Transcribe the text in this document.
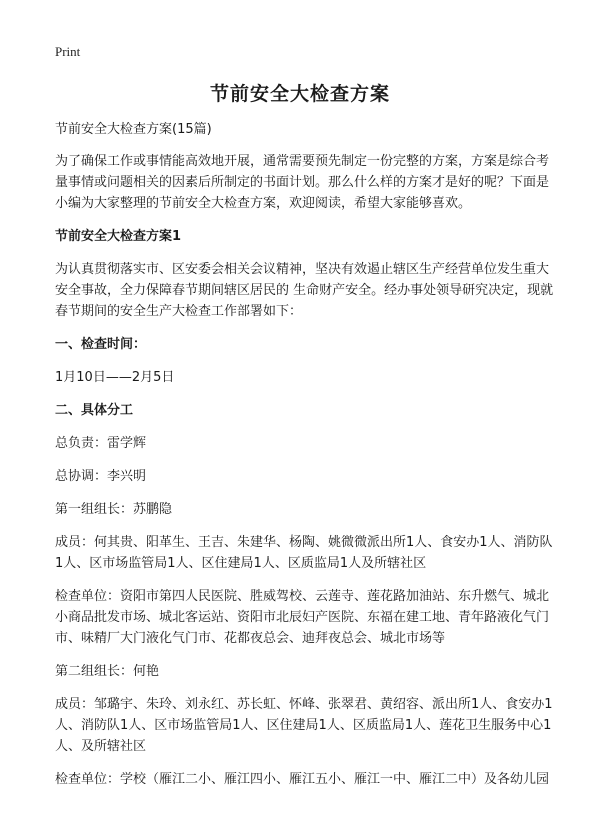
Print
节前安全大检查方案

节前安全大检查方案(15篇)

为了确保工作或事情能高效地开展，通常需要预先制定一份完整的方案，方案是综合考量事情或问题相关的因素后所制定的书面计划。那么什么样的方案才是好的呢？下面是小编为大家整理的节前安全大检查方案，欢迎阅读，希望大家能够喜欢。

节前安全大检查方案1

为认真贯彻落实市、区安委会相关会议精神，坚决有效遏止辖区生产经营单位发生重大安全事故，全力保障春节期间辖区居民的 生命财产安全。经办事处领导研究决定，现就春节期间的安全生产大检查工作部署如下：

一、检查时间：

1月10日——2月5日

二、具体分工

总负责：雷学辉

总协调：李兴明

第一组组长：苏鹏隐

成员：何其贵、阳革生、王吉、朱建华、杨陶、姚微微派出所1人、食安办1人、消防队1人、区市场监管局1人、区住建局1人、区质监局1人及所辖社区

检查单位：资阳市第四人民医院、胜威驾校、云莲寺、莲花路加油站、东升燃气、城北小商品批发市场、城北客运站、资阳市北辰妇产医院、东福在建工地、青年路液化气门市、味精厂大门液化气门市、花都夜总会、迪拜夜总会、城北市场等

第二组组长：何艳

成员：邹璐宇、朱玲、刘永红、苏长虹、怀峰、张翠君、黄绍容、派出所1人、食安办1人、消防队1人、区市场监管局1人、区住建局1人、区质监局1人、莲花卫生服务中心1人、及所辖社区

检查单位：学校（雁江二小、雁江四小、雁江五小、雁江一中、雁江二中）及各幼儿园
